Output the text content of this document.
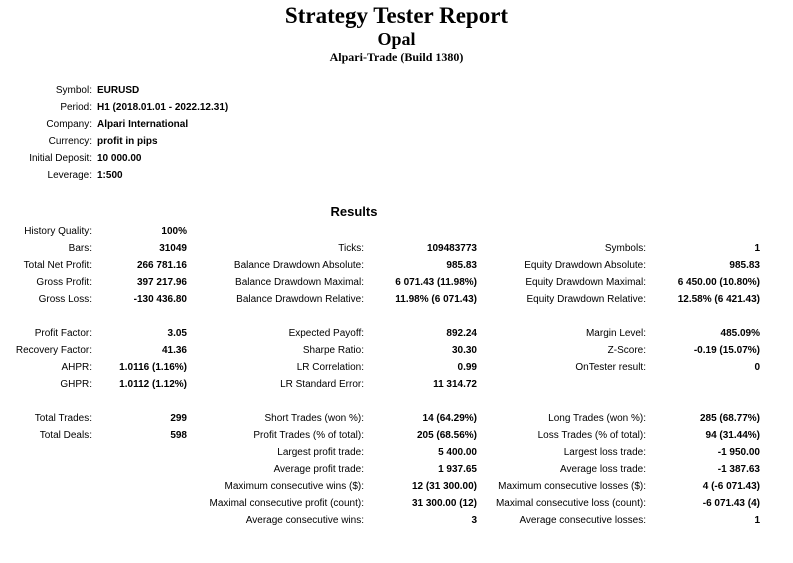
Strategy Tester Report
Opal
Alpari-Trade (Build 1380)
Symbol: EURUSD
Period: H1 (2018.01.01 - 2022.12.31)
Company: Alpari International
Currency: profit in pips
Initial Deposit: 10 000.00
Leverage: 1:500
Results
History Quality:	100%
Bars:	31049	Ticks:	109483773	Symbols:	1
Total Net Profit:	266 781.16	Balance Drawdown Absolute:	985.83	Equity Drawdown Absolute:	985.83
Gross Profit:	397 217.96	Balance Drawdown Maximal:	6 071.43 (11.98%)	Equity Drawdown Maximal:	6 450.00 (10.80%)
Gross Loss:	-130 436.80	Balance Drawdown Relative:	11.98% (6 071.43)	Equity Drawdown Relative:	12.58% (6 421.43)
Profit Factor:	3.05	Expected Payoff:	892.24	Margin Level:	485.09%
Recovery Factor:	41.36	Sharpe Ratio:	30.30	Z-Score:	-0.19 (15.07%)
AHPR:	1.0116 (1.16%)	LR Correlation:	0.99	OnTester result:	0
GHPR:	1.0112 (1.12%)	LR Standard Error:	11 314.72
Total Trades:	299	Short Trades (won %):	14 (64.29%)	Long Trades (won %):	285 (68.77%)
Total Deals:	598	Profit Trades (% of total):	205 (68.56%)	Loss Trades (% of total):	94 (31.44%)
Largest profit trade:	5 400.00	Largest loss trade:	-1 950.00
Average profit trade:	1 937.65	Average loss trade:	-1 387.63
Maximum consecutive wins ($):	12 (31 300.00)	Maximum consecutive losses ($):	4 (-6 071.43)
Maximal consecutive profit (count):	31 300.00 (12)	Maximal consecutive loss (count):	-6 071.43 (4)
Average consecutive wins:	3	Average consecutive losses:	1
